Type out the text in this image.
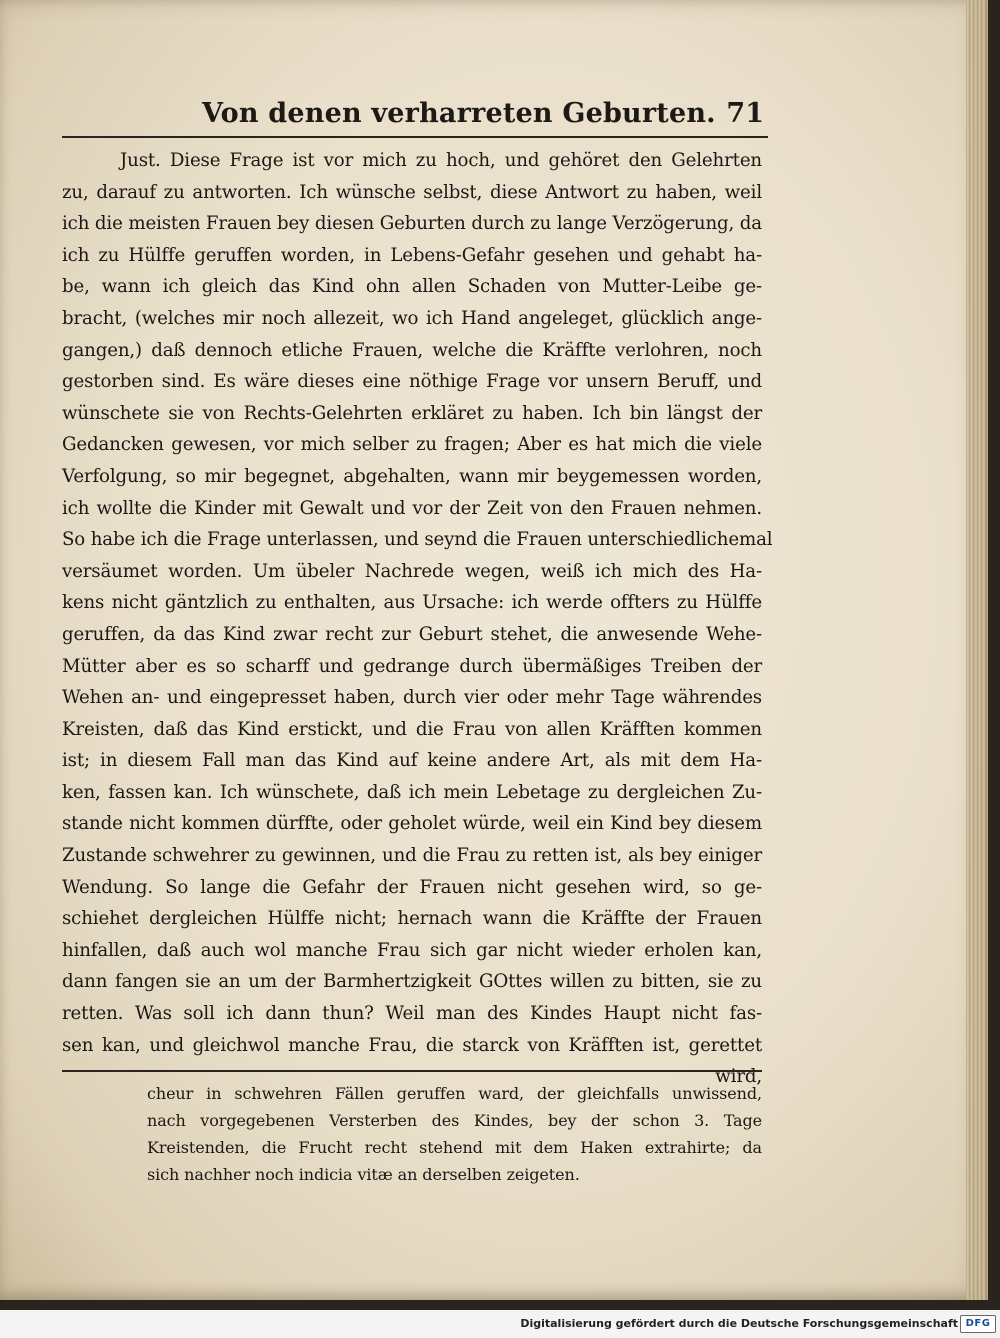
Von denen verharreten Geburten. 71
Just. Diese Frage ist vor mich zu hoch, und gehöret den Gelehrten
zu, darauf zu antworten. Ich wünsche selbst, diese Antwort zu haben, weil
ich die meisten Frauen bey diesen Geburten durch zu lange Verzögerung, da
ich zu Hülffe geruffen worden, in Lebens-Gefahr gesehen und gehabt ha-
be, wann ich gleich das Kind ohn allen Schaden von Mutter-Leibe ge-
bracht, (welches mir noch allezeit, wo ich Hand angeleget, glücklich ange-
gangen,) daß dennoch etliche Frauen, welche die Kräffte verlohren, noch
gestorben sind. Es wäre dieses eine nöthige Frage vor unsern Beruff, und
wünschete sie von Rechts-Gelehrten erkläret zu haben. Ich bin längst der
Gedancken gewesen, vor mich selber zu fragen; Aber es hat mich die viele
Verfolgung, so mir begegnet, abgehalten, wann mir beygemessen worden,
ich wollte die Kinder mit Gewalt und vor der Zeit von den Frauen nehmen.
So habe ich die Frage unterlassen, und seynd die Frauen unterschiedlichemal
versäumet worden. Um übeler Nachrede wegen, weiß ich mich des Ha-
kens nicht gäntzlich zu enthalten, aus Ursache: ich werde offters zu Hülffe
geruffen, da das Kind zwar recht zur Geburt stehet, die anwesende Wehe-
Mütter aber es so scharff und gedrange durch übermäßiges Treiben der
Wehen an- und eingepresset haben, durch vier oder mehr Tage währendes
Kreisten, daß das Kind erstickt, und die Frau von allen Kräfften kommen
ist; in diesem Fall man das Kind auf keine andere Art, als mit dem Ha-
ken, fassen kan. Ich wünschete, daß ich mein Lebetage zu dergleichen Zu-
stande nicht kommen dürffte, oder geholet würde, weil ein Kind bey diesem
Zustande schwehrer zu gewinnen, und die Frau zu retten ist, als bey einiger
Wendung. So lange die Gefahr der Frauen nicht gesehen wird, so ge-
schiehet dergleichen Hülffe nicht; hernach wann die Kräffte der Frauen
hinfallen, daß auch wol manche Frau sich gar nicht wieder erholen kan,
dann fangen sie an um der Barmhertzigkeit GOttes willen zu bitten, sie zu
retten. Was soll ich dann thun? Weil man des Kindes Haupt nicht fas-
sen kan, und gleichwol manche Frau, die starck von Kräfften ist, gerettet
wird,
cheur in schwehren Fällen geruffen ward, der gleichfalls unwissend,
nach vorgegebenen Versterben des Kindes, bey der schon 3. Tage
Kreistenden, die Frucht recht stehend mit dem Haken extrahirte; da
sich nachher noch indicia vitæ an derselben zeigeten.
Digitalisierung gefördert durch die Deutsche Forschungsgemeinschaft DFG
